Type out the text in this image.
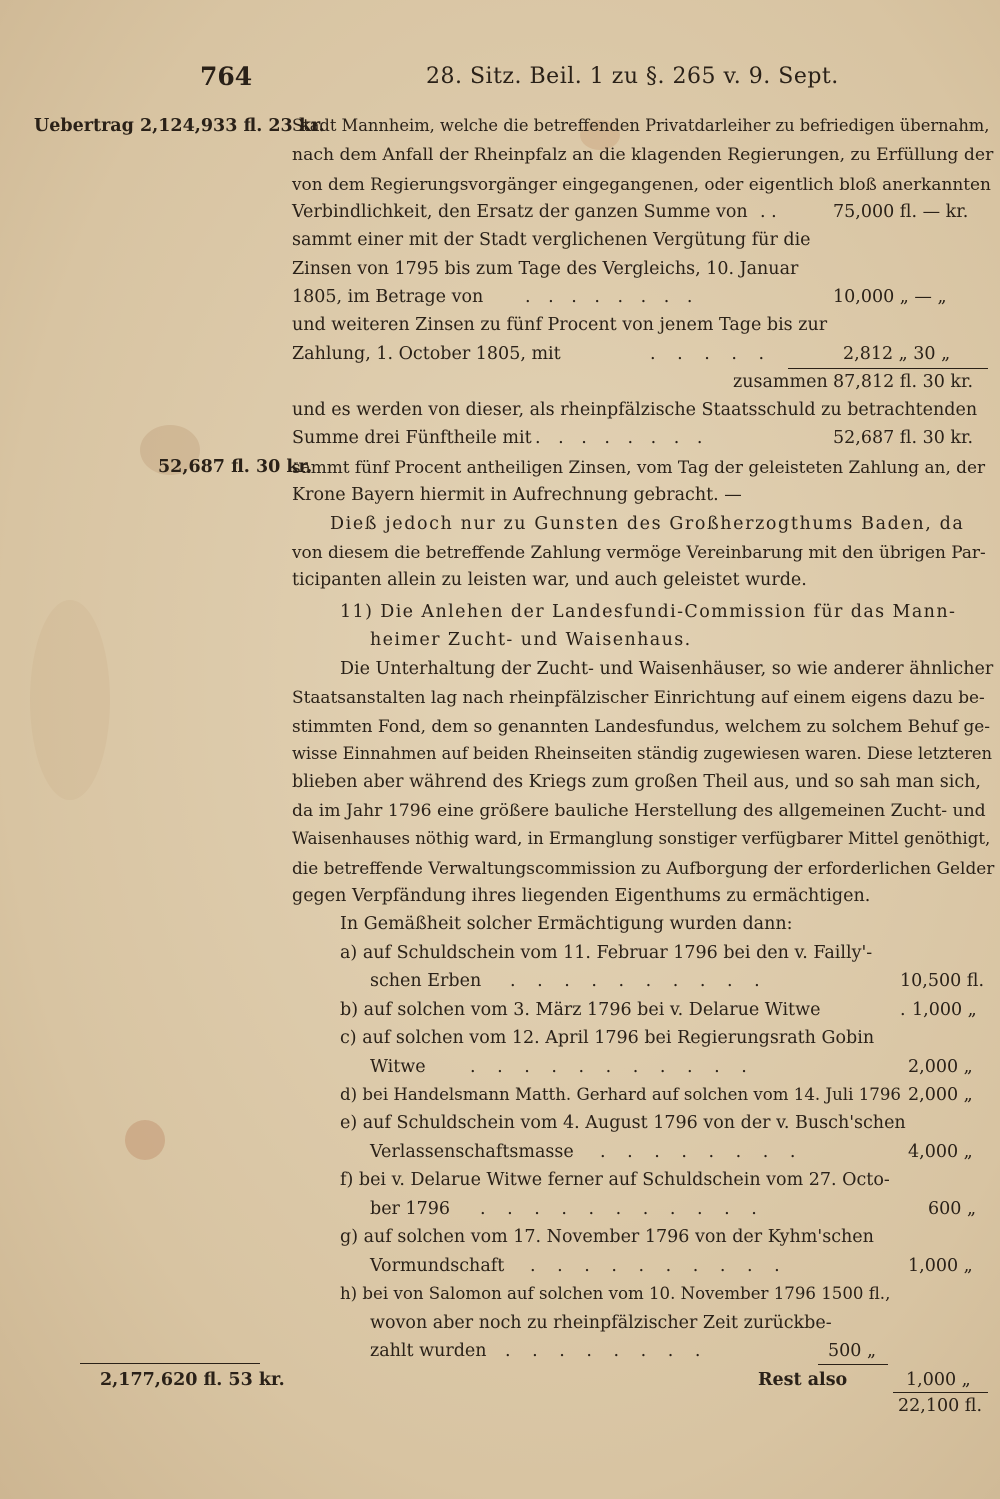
764	28. Sitz. Beil. 1 zu §. 265 v. 9. Sept.
Uebertrag 2,124,933 fl. 23 kr.
Stadt Mannheim, welche die betreffenden Privatdarleiher zu befriedigen übernahm,
nach dem Anfall der Rheinpfalz an die klagenden Regierungen, zu Erfüllung der
von dem Regierungsvorgänger eingegangenen, oder eigentlich bloß anerkannten
Verbindlichkeit, den Ersatz der ganzen Summe von . .	75,000 fl. — kr.
sammt einer mit der Stadt verglichenen Vergütung für die
Zinsen von 1795 bis zum Tage des Vergleichs, 10. Januar
1805, im Betrage von . . . . . . . .	10,000 „ — „
und weiteren Zinsen zu fünf Procent von jenem Tage bis zur
Zahlung, 1. October 1805, mit	. . . . .	2,812 „ 30 „
zusammen 87,812 fl. 30 kr.
und es werden von dieser, als rheinpfälzische Staatsschuld zu betrachtenden
Summe drei Fünftheile mit . . . . . . . .	52,687 fl. 30 kr.
52,687 fl. 30 kr.
sammt fünf Procent antheiligen Zinsen, vom Tag der geleisteten Zahlung an, der
Krone Bayern hiermit in Aufrechnung gebracht. —
Dieß jedoch nur zu Gunsten des Großherzogthums Baden, da
von diesem die betreffende Zahlung vermöge Vereinbarung mit den übrigen Par-
ticipanten allein zu leisten war, und auch geleistet wurde.
11) Die Anlehen der Landesfundi-Commission für das Mann-
heimer Zucht- und Waisenhaus.
Die Unterhaltung der Zucht- und Waisenhäuser, so wie anderer ähnlicher
Staatsanstalten lag nach rheinpfälzischer Einrichtung auf einem eigens dazu be-
stimmten Fond, dem so genannten Landesfundus, welchem zu solchem Behuf ge-
wisse Einnahmen auf beiden Rheinseiten ständig zugewiesen waren. Diese letzteren
blieben aber während des Kriegs zum großen Theil aus, und so sah man sich,
da im Jahr 1796 eine größere bauliche Herstellung des allgemeinen Zucht- und
Waisenhauses nöthig ward, in Ermanglung sonstiger verfügbarer Mittel genöthigt,
die betreffende Verwaltungscommission zu Aufborgung der erforderlichen Gelder
gegen Verpfändung ihres liegenden Eigenthums zu ermächtigen.
In Gemäßheit solcher Ermächtigung wurden dann:
a) auf Schuldschein vom 11. Februar 1796 bei den v. Failly'-
schen Erben . . . . . . . . . .	10,500 fl.
b) auf solchen vom 3. März 1796 bei v. Delarue Witwe	. 1,000 „
c) auf solchen vom 12. April 1796 bei Regierungsrath Gobin
Witwe	. . . . . . . . . . .	2,000 „
d) bei Handelsmann Matth. Gerhard auf solchen vom 14. Juli 1796 2,000 „
e) auf Schuldschein vom 4. August 1796 von der v. Busch'schen
Verlassenschaftsmasse . . . . . . . .	4,000 „
f) bei v. Delarue Witwe ferner auf Schuldschein vom 27. Octo-
ber 1796 . . . . . . . . . . .	600 „
g) auf solchen vom 17. November 1796 von der Kyhm'schen
Vormundschaft . . . . . . . . . .	1,000 „
h) bei von Salomon auf solchen vom 10. November 1796 1500 fl.,
wovon aber noch zu rheinpfälzischer Zeit zurückbe-
zahlt wurden . . . . . . . .	500 „
2,177,620 fl. 53 kr.	Rest also	1,000 „
22,100 fl.
